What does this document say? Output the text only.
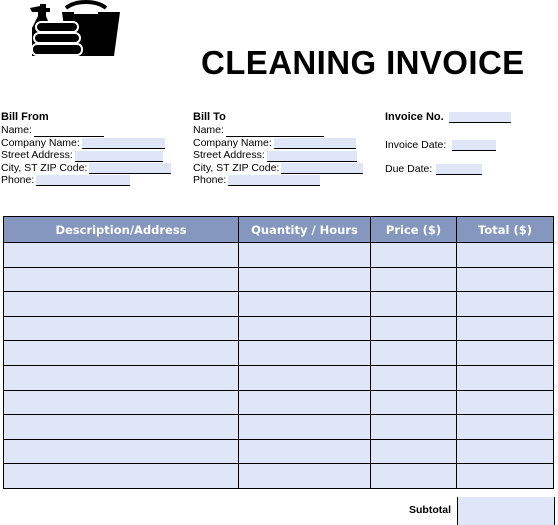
CLEANING INVOICE
Bill From
Name:
Company Name:
Street Address:
City, ST ZIP Code:
Phone:
Bill To
Name:
Company Name:
Street Address:
City, ST ZIP Code:
Phone:
Invoice No.
Invoice Date:
Due Date:
Description/Address	Quantity / Hours	Price ($)	Total ($)

Subtotal
